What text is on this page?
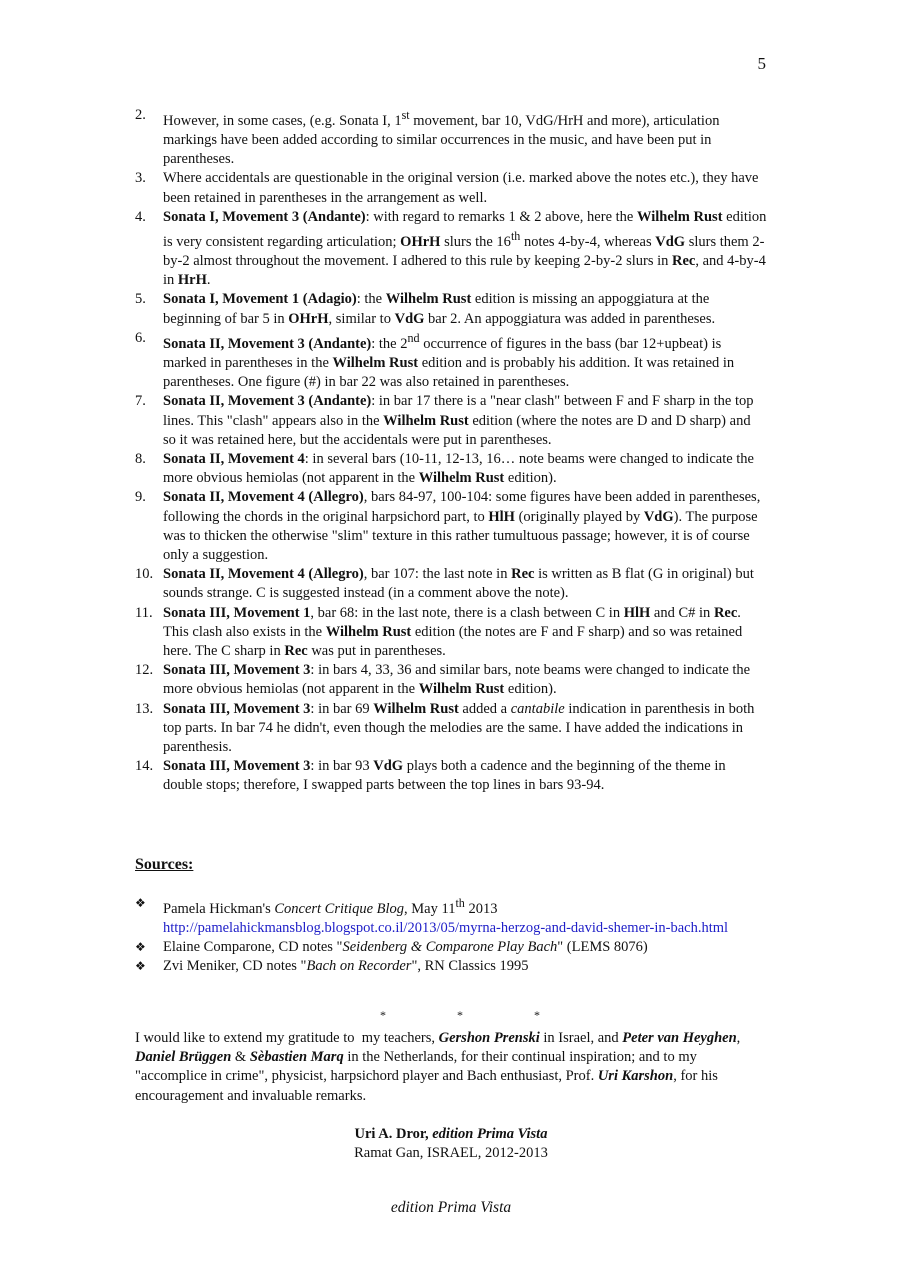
5
2.	However, in some cases, (e.g. Sonata I, 1st movement, bar 10, VdG/HrH and more), articulation markings have been added according to similar occurrences in the music, and have been put in parentheses.
3.	Where accidentals are questionable in the original version (i.e. marked above the notes etc.), they have been retained in parentheses in the arrangement as well.
4.	Sonata I, Movement 3 (Andante): with regard to remarks 1 & 2 above, here the Wilhelm Rust edition is very consistent regarding articulation; OHrH slurs the 16th notes 4-by-4, whereas VdG slurs them 2-by-2 almost throughout the movement. I adhered to this rule by keeping 2-by-2 slurs in Rec, and 4-by-4 in HrH.
5.	Sonata I, Movement 1 (Adagio): the Wilhelm Rust edition is missing an appoggiatura at the beginning of bar 5 in OHrH, similar to VdG bar 2. An appoggiatura was added in parentheses.
6.	Sonata II, Movement 3 (Andante): the 2nd occurrence of figures in the bass (bar 12+upbeat) is marked in parentheses in the Wilhelm Rust edition and is probably his addition. It was retained in parentheses. One figure (#) in bar 22 was also retained in parentheses.
7.	Sonata II, Movement 3 (Andante): in bar 17 there is a "near clash" between F and F sharp in the top lines. This "clash" appears also in the Wilhelm Rust edition (where the notes are D and D sharp) and so it was retained here, but the accidentals were put in parentheses.
8.	Sonata II, Movement 4: in several bars (10-11, 12-13, 16… note beams were changed to indicate the more obvious hemiolas (not apparent in the Wilhelm Rust edition).
9.	Sonata II, Movement 4 (Allegro), bars 84-97, 100-104: some figures have been added in parentheses, following the chords in the original harpsichord part, to HlH (originally played by VdG). The purpose was to thicken the otherwise "slim" texture in this rather tumultuous passage; however, it is of course only a suggestion.
10. Sonata II, Movement 4 (Allegro), bar 107: the last note in Rec is written as B flat (G in original) but sounds strange. C is suggested instead (in a comment above the note).
11. Sonata III, Movement 1, bar 68: in the last note, there is a clash between C in HlH and C# in Rec. This clash also exists in the Wilhelm Rust edition (the notes are F and F sharp) and so was retained here. The C sharp in Rec was put in parentheses.
12. Sonata III, Movement 3: in bars 4, 33, 36 and similar bars, note beams were changed to indicate the more obvious hemiolas (not apparent in the Wilhelm Rust edition).
13. Sonata III, Movement 3: in bar 69 Wilhelm Rust added a cantabile indication in parenthesis in both top parts. In bar 74 he didn't, even though the melodies are the same. I have added the indications in parenthesis.
14. Sonata III, Movement 3: in bar 93 VdG plays both a cadence and the beginning of the theme in double stops; therefore, I swapped parts between the top lines in bars 93-94.
Sources:
❖ Pamela Hickman's Concert Critique Blog, May 11th 2013
http://pamelahickmansblog.blogspot.co.il/2013/05/myrna-herzog-and-david-shemer-in-bach.html
❖ Elaine Comparone, CD notes "Seidenberg & Comparone Play Bach" (LEMS 8076)
❖ Zvi Meniker, CD notes "Bach on Recorder", RN Classics 1995
*	*	*

I would like to extend my gratitude to  my teachers, Gershon Prenski in Israel, and Peter van Heyghen, Daniel Brüggen & Sèbastien Marq in the Netherlands, for their continual inspiration; and to my "accomplice in crime", physicist, harpsichord player and Bach enthusiast, Prof. Uri Karshon, for his encouragement and invaluable remarks.

Uri A. Dror, edition Prima Vista
Ramat Gan, ISRAEL, 2012-2013
edition Prima Vista
